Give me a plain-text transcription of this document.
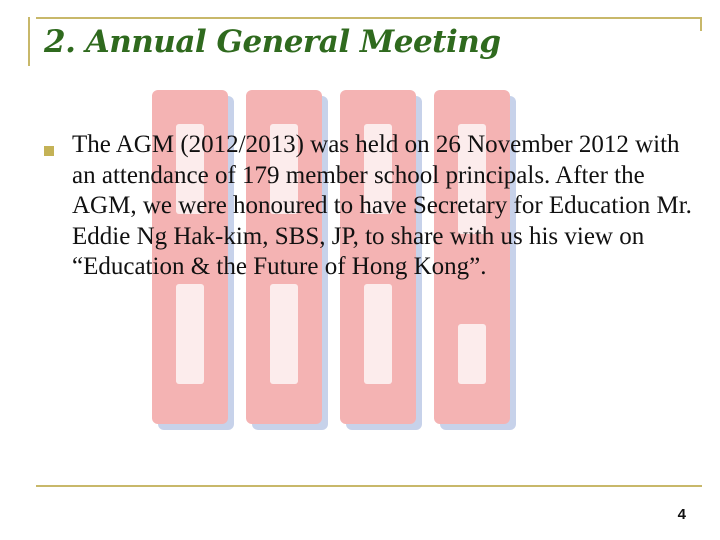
2. Annual General Meeting

The AGM (2012/2013) was held on 26 November 2012 with an attendance of 179 member school principals. After the AGM, we were honoured to have Secretary for Education Mr. Eddie Ng Hak-kim, SBS, JP, to share with us his view on “Education & the Future of Hong Kong”.

4
